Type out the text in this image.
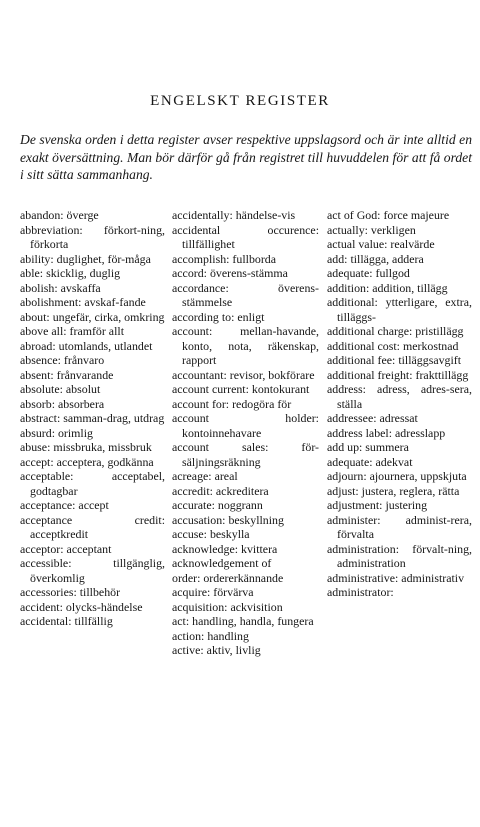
ENGELSKT REGISTER

De svenska orden i detta register avser respektive uppslagsord och är inte alltid en exakt översättning. Man bör därför gå från registret till huvuddelen för att få ordet i sitt sätta sammanhang.

abandon: överge

abbreviation: förkort-ning, förkorta

ability: duglighet, för-måga

able: skicklig, duglig

abolish: avskaffa

abolishment: avskaf-fande

about: ungefär, cirka, omkring

above all: framför allt

abroad: utomlands, utlandet

absence: frånvaro

absent: frånvarande

absolute: absolut

absorb: absorbera

abstract: samman-drag, utdrag

absurd: orimlig

abuse: missbruka, missbruk

accept: acceptera, godkänna

acceptable: acceptabel, godtagbar

acceptance: accept

acceptance credit: acceptkredit

acceptor: acceptant

accessible: tillgänglig, överkomlig

accessories: tillbehör

accident: olycks-händelse

accidental: tillfällig

accidentally: händelse-vis

accidental occurence: tillfällighet

accomplish: fullborda

accord: överens-stämma

accordance: överens-stämmelse

according to: enligt

account: mellan-havande, konto, nota, räkenskap, rapport

accountant: revisor, bokförare

account current: kontokurant

account for: redogöra för

account holder: kontoinnehavare

account sales: för-säljningsräkning

acreage: areal

accredit: ackreditera

accurate: noggrann

accusation: beskyllning

accuse: beskylla

acknowledge: kvittera

acknowledgement of

order: ordererkännande

acquire: förvärva

acquisition: ackvisition

act: handling, handla, fungera

action: handling

active: aktiv, livlig

act of God: force majeure

actually: verkligen

actual value: realvärde

add: tillägga, addera

adequate: fullgod

addition: addition, tillägg

additional: ytterligare, extra, tilläggs-

additional charge: pristillägg

additional cost: merkostnad

additional fee: tilläggsavgift

additional freight: frakttillägg

address: adress, adres-sera, ställa

addressee: adressat

address label: adresslapp

add up: summera

adequate: adekvat

adjourn: ajournera, uppskjuta

adjust: justera, reglera, rätta

adjustment: justering

administer: administ-rera, förvalta

administration: förvalt-ning, administration

administrative: administrativ

administrator:
